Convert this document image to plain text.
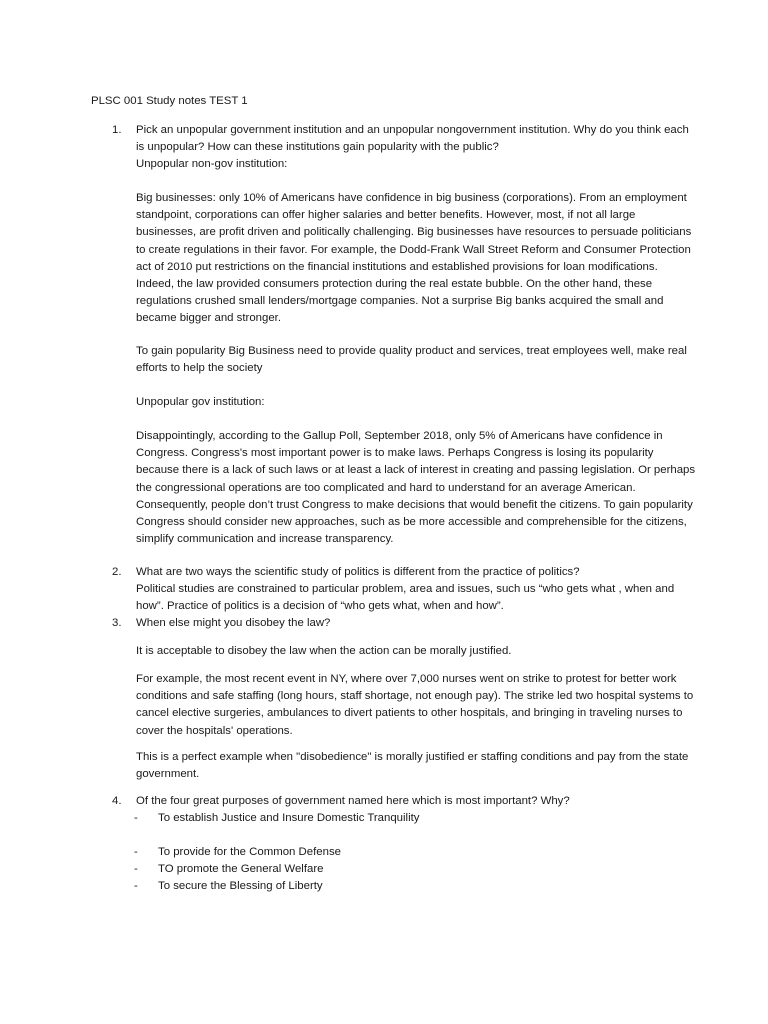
PLSC 001 Study notes TEST 1

1. Pick an unpopular government institution and an unpopular nongovernment institution. Why do you think each is unpopular? How can these institutions gain popularity with the public?

Unpopular non-gov institution:

Big businesses: only 10% of Americans have confidence in big business (corporations). From an employment standpoint, corporations can offer higher salaries and better benefits. However, most, if not all large businesses, are profit driven and politically challenging. Big businesses have resources to persuade politicians to create regulations in their favor. For example, the Dodd-Frank Wall Street Reform and Consumer Protection act of 2010 put restrictions on the financial institutions and established provisions for loan modifications. Indeed, the law provided consumers protection during the real estate bubble. On the other hand, these regulations crushed small lenders/mortgage companies. Not a surprise Big banks acquired the small and became bigger and stronger.

To gain popularity Big Business need to provide quality product and services, treat employees well, make real efforts to help the society

Unpopular gov institution:

Disappointingly, according to the Gallup Poll, September 2018, only 5% of Americans have confidence in Congress. Congress's most important power is to make laws. Perhaps Congress is losing its popularity because there is a lack of such laws or at least a lack of interest in creating and passing legislation. Or perhaps the congressional operations are too complicated and hard to understand for an average American. Consequently, people don’t trust Congress to make decisions that would benefit the citizens. To gain popularity Congress should consider new approaches, such as be more accessible and comprehensible for the citizens, simplify communication and increase transparency.

2. What are two ways the scientific study of politics is different from the practice of politics?

Political studies are constrained to particular problem, area and issues, such us “who gets what , when and how”. Practice of politics is a decision of “who gets what, when and how”.

3. When else might you disobey the law?

It is acceptable to disobey the law when the action can be morally justified.

For example, the most recent event in NY, where over 7,000 nurses went on strike to protest for better work conditions and safe staffing (long hours, staff shortage, not enough pay). The strike led two hospital systems to cancel elective surgeries, ambulances to divert patients to other hospitals, and bringing in traveling nurses to cover the hospitals' operations.

This is a perfect example when "disobedience" is morally justified er staffing conditions and pay from the state government.

4. Of the four great purposes of government named here which is most important? Why?

- To establish Justice and Insure Domestic Tranquility
- To provide for the Common Defense
- TO promote the General Welfare
- To secure the Blessing of Liberty
